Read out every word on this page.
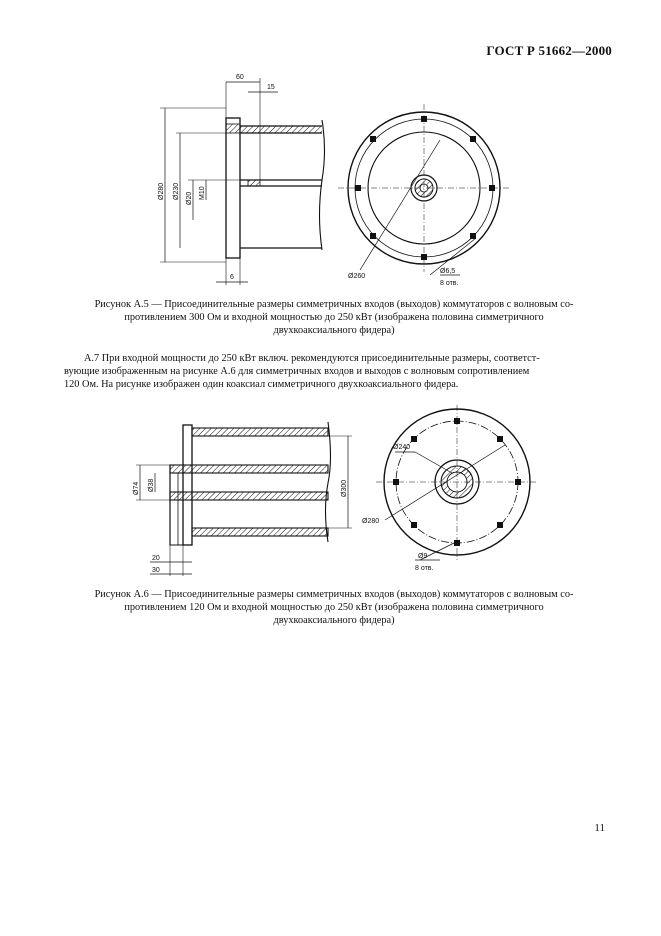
ГОСТ Р 51662—2000
Ø280 Ø230 Ø20 М10
60
15
6	Ø260
Ø6,5
8 отв.
Рисунок А.5 — Присоединительные размеры симметричных входов (выходов) коммутаторов с волновым со-
противлением 300 Ом и входной мощностью до 250 кВт (изображена половина симметричного
двухкоаксиального фидера)
А.7 При входной мощности до 250 кВт включ. рекомендуются присоединительные размеры, соответст-
вующие изображенным на рисунке А.6 для симметричных входов и выходов с волновым сопротивлением
120 Ом. На рисунке изображен один коаксиал симметричного двухкоаксиального фидера.
Ø74 Ø38	Ø300
20
30
Ø240
Ø280
Ø9
8 отв.
Рисунок А.6 — Присоединительные размеры симметричных входов (выходов) коммутаторов с волновым со-
противлением 120 Ом и входной мощностью до 250 кВт (изображена половина симметричного
двухкоаксиального фидера)
11
